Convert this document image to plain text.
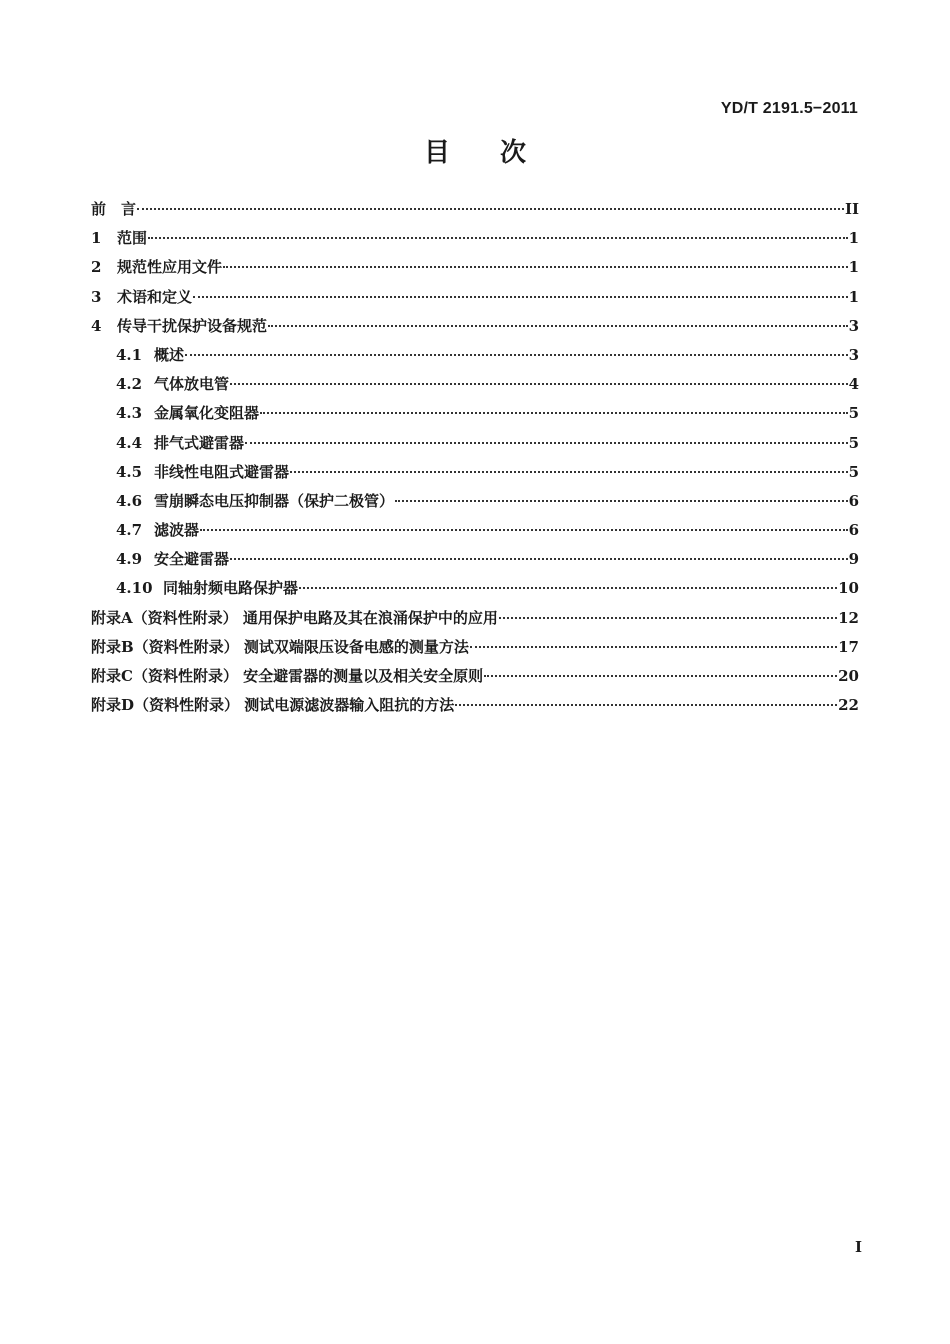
YD/T 2191.5−2011
目 次
前　言	II
1	范围	1
2	规范性应用文件	1
3	术语和定义	1
4	传导干扰保护设备规范	3
4.1 概述	3
4.2 气体放电管	4
4.3 金属氧化变阻器	5
4.4 排气式避雷器	5
4.5 非线性电阻式避雷器	5
4.6 雪崩瞬态电压抑制器（保护二极管）	6
4.7 滤波器	6
4.9 安全避雷器	9
4.10 同轴射频电路保护器	10
附录A（资料性附录） 通用保护电路及其在浪涌保护中的应用	12
附录B（资料性附录） 测试双端限压设备电感的测量方法	17
附录C（资料性附录） 安全避雷器的测量以及相关安全原则	20
附录D（资料性附录） 测试电源滤波器输入阻抗的方法	22
I
